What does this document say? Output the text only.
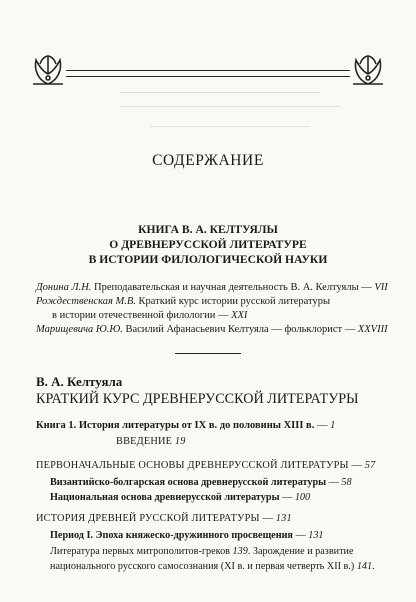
СОДЕРЖАНИЕ
КНИГА В. А. КЕЛТУЯЛЫ
О ДРЕВНЕРУССКОЙ ЛИТЕРАТУРЕ
В ИСТОРИИ ФИЛОЛОГИЧЕСКОЙ НАУКИ
Донина Л.Н. Преподавательская и научная деятельность В. А. Келтуялы — VII
Рождественская М.В. Краткий курс истории русской литературы
в истории отечественной филологии — XXI
Марищевича Ю.Ю. Василий Афанасьевич Келтуяла — фольклорист — XXVIII
В. А. Келтуяла
КРАТКИЙ КУРС ДРЕВНЕРУССКОЙ ЛИТЕРАТУРЫ
Книга 1. История литературы от IX в. до половины XIII в. — 1
ВВЕДЕНИЕ 19
ПЕРВОНАЧАЛЬНЫЕ ОСНОВЫ ДРЕВНЕРУССКОЙ ЛИТЕРАТУРЫ — 57
Византийско-болгарская основа древнерусской литературы — 58
Национальная основа древнерусской литературы — 100
ИСТОРИЯ ДРЕВНЕЙ РУССКОЙ ЛИТЕРАТУРЫ — 131
Период I. Эпоха княжеско-дружинного просвещения — 131
Литература первых митрополитов-греков 139. Зарождение и развитие
национального русского самосознания (XI в. и первая четверть XII в.) 141.
